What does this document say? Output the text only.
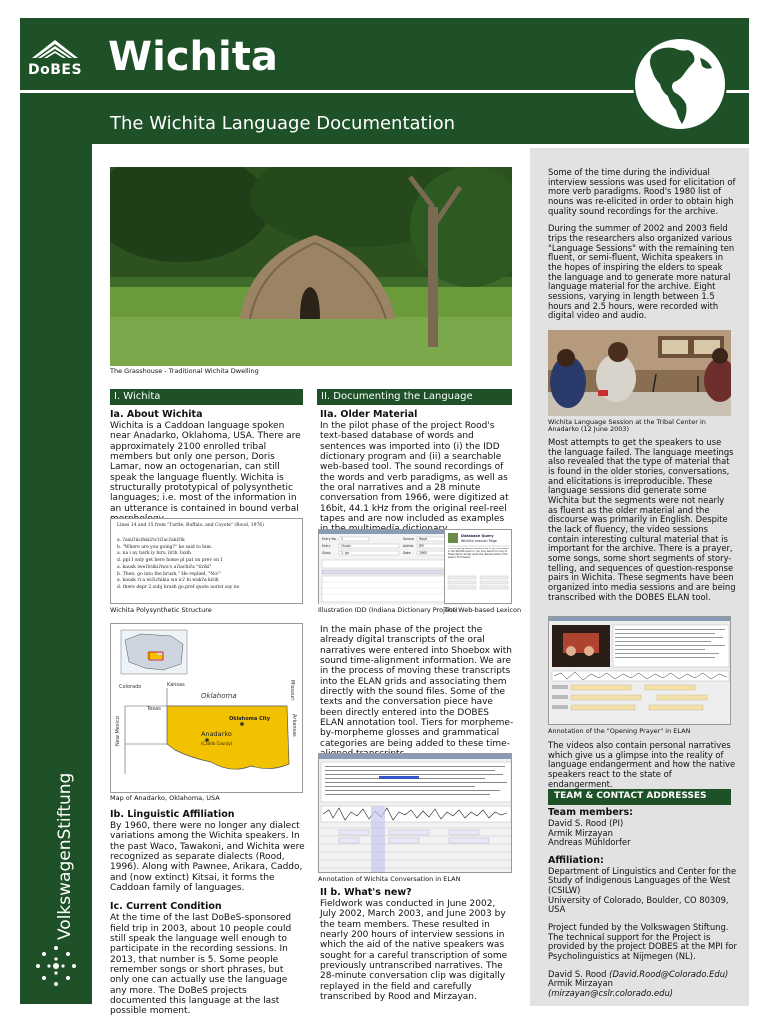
DoBES Wichita
The Wichita Language Documentation
VolkswagenStiftung
The Grasshouse - Traditional Wichita Dwelling
I. Wichita	II. Documenting the Language
Ia. About Wichita

Wichita is a Caddoan language spoken near Anadarko, Oklahoma, USA. There are approximately 2100 enrolled tribal members but only one person, Doris Lamar, now an octogenarian, can still speak the language fluently. Wichita is structurally prototypical of polysynthetic languages; i.e. most of the information in an utterance is contained in bound verbal

Lines 14 and 15 from "Turtle, Buffalo, and Coyote" (Rood, 1976)
a. ʔaxiiʔiicihkiiʔicʔiʔacʔakiɁik
b. "Where are you going?" he said to him.
a. na i ay hark iy hiru ʔirih ʔaxih
d. ppl I only get here home pl pat on prev on I
a. kausk iweʔiriikiʔiwa's aʔiachiʔa "tiriki"
b. Then, go into the brush," He replied, "No!"
a. kausk ri a wiʔichikia wa icʔ hi wakʔa kirih
d. there depr 2.subj brush go.pref quote aorist say no
Wichita Polysynthetic Structure
Colorado	Kansas	Missouri
New Mexico
Texas
Arkansas
Oklahoma
Oklahoma City
Anadarko
(Caddo County)
Map of Anadarko, Oklahoma, USA
Ib. Linguistic Affiliation

By 1960, there were no longer any dialect variations among the Wichita speakers. In the past Waco, Tawakoni, and Wichita were recognized as separate dialects (Rood, 1996). Along with Pawnee, Arikara, Caddo, and (now extinct) Kitsai, it forms the Caddoan family of languages.

Ic. Current Condition

At the time of the last DoBeS-sponsored field trip in 2003, about 10 people could still speak the language well enough to participate in the recording sessions. In 2013, that number is 5. Some people remember songs or short phrases, but only one can actually use the language any more. The DoBeS projects documented this language at the last possible moment.

IIa. Older Material

In the pilot phase of the project Rood's text-based database of words and sentences was imported into (i) the IDD dictionary program and (ii) a searchable web-based tool. The sound recordings of the words and verb paradigms, as well as the oral narratives and a 28 minute conversation from 1966, were digitized at 16bit, 44.1 kHz from the original reel-reel tapes and are now included as examples

Entry No. 1
Entry	ʔiicaki
Gloss	1. go
Source Rood
Author DR
Date	1965
Illustration IDD (Indiana Dictionary Project)
Database Query
Wichita Lexicon Page
The following table provides a list of all information in the Wichita Lexicon. You may search for any of these items; simply enter the desired parts in the search form below.
The Web-based Lexicon

In the main phase of the project the already digital transcripts of the oral narratives were entered into Shoebox with sound time-alignment information. We are in the process of moving these transcripts into the ELAN grids and associating them directly with the sound files. Some of the texts and the conversation piece have been directly entered into the DOBES ELAN annotation tool. Tiers for morpheme-by-morpheme glosses and grammatical categories are being added to these time-

Annotation of Wichita Conversation in ELAN
II b. What's new?

Fieldwork was conducted in June 2002, July 2002, March 2003, and June 2003 by the team members. These resulted in nearly 200 hours of interview sessions in which the aid of the native speakers was sought for a careful transcription of some previously untranscribed narratives. The 28-minute conversation clip was digitally replayed in the field and carefully transcribed by Rood and Mirzayan.

Some of the time during the individual interview sessions was used for elicitation of more verb paradigms. Rood's 1980 list of nouns was re-elicited in order to obtain high quality sound recordings for the archive.

During the summer of 2002 and 2003 field trips the researchers also organized various "Language Sessions" with the remaining ten fluent, or semi-fluent, Wichita speakers in the hopes of inspiring the elders to speak the language and to generate more natural language material for the archive. Eight sessions, varying in length between 1.5 hours and 2.5 hours, were recorded with digital video and audio.

Wichita Language Session at the Tribal Center in Anadarko (12 June 2003)

Most attempts to get the speakers to use the language failed. The language meetings also revealed that the type of material that is found in the older stories, conversations, and elicitations is irreproducible. These language sessions did generate some Wichita but the segments were not nearly as fluent as the older material and the discourse was primarily in English. Despite the lack of fluency, the video sessions contain interesting cultural material that is important for the archive. There is a prayer, some songs, some short segments of story-telling, and sequences of question-response pairs in Wichita. These segments have been organized into media sessions and are being transcribed with the DOBES ELAN tool.

Annotation of the "Opening Prayer" in ELAN

The videos also contain personal narratives which give us a glimpse into the reality of language endangerment and how the native speakers react to the state of endangerment.

TEAM & CONTACT ADDRESSES
Team members:

David S. Rood (PI)

Armik Mirzayan

Andreas Mühldorfer

Affiliation:

Department of Linguistics and Center for the Study of Indigenous Languages of the West (CSILW)

University of Colorado, Boulder, CO 80309, USA

Project funded by the Volkswagen Stiftung. The technical support for the Project is provided by the project DOBES at the MPI for Psycholinguistics at Nijmegen (NL).

David S. Rood (David.Rood@Colorado.Edu)

Armik Mirzayan (mirzayan@cslr.colorado.edu)
